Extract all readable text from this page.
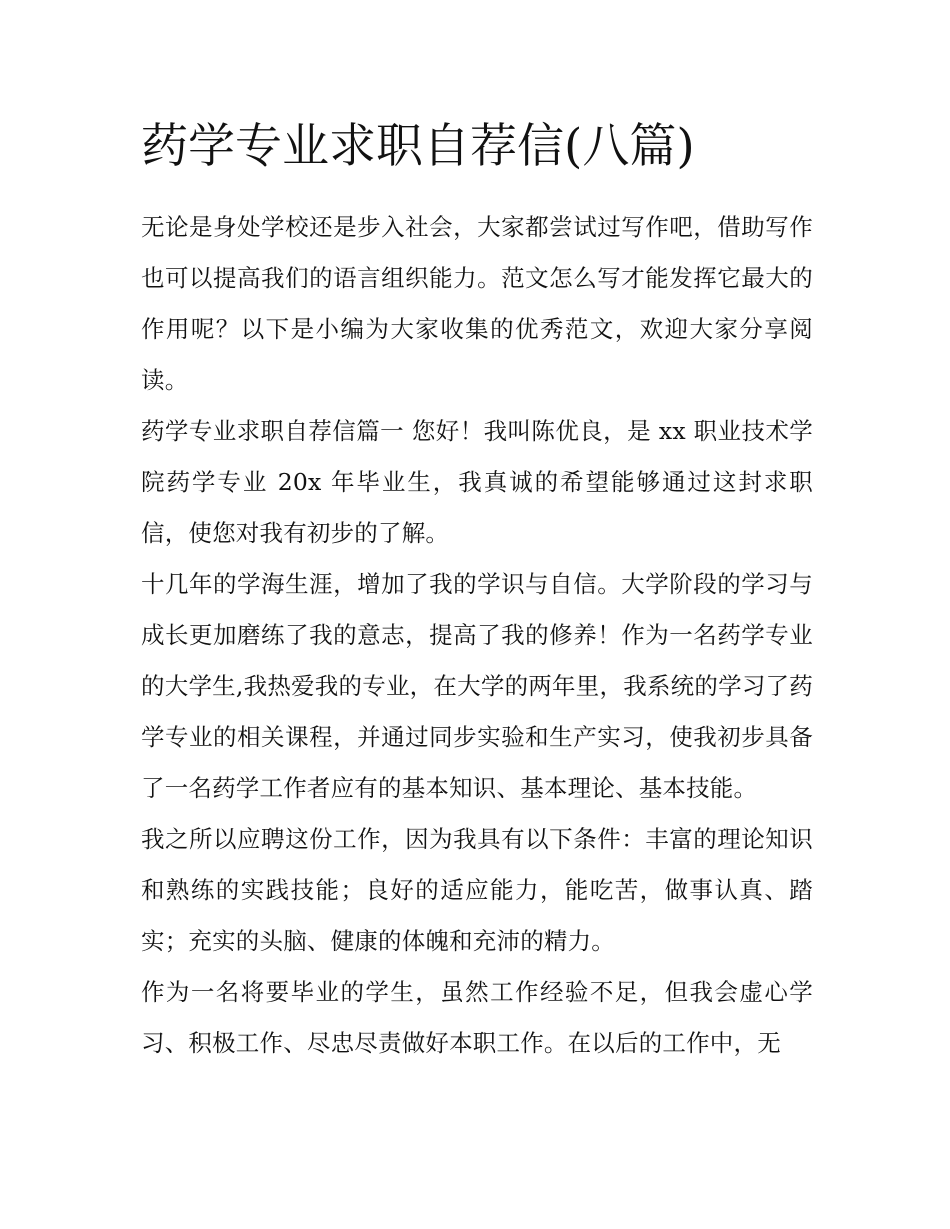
药学专业求职自荐信(八篇)

无论是身处学校还是步入社会，大家都尝试过写作吧，借助写作也可以提高我们的语言组织能力。范文怎么写才能发挥它最大的作用呢？以下是小编为大家收集的优秀范文，欢迎大家分享阅读。

药学专业求职自荐信篇一 您好！我叫陈优良，是 xx 职业技术学院药学专业 20x 年毕业生，我真诚的希望能够通过这封求职信，使您对我有初步的了解。

十几年的学海生涯，增加了我的学识与自信。大学阶段的学习与成长更加磨练了我的意志，提高了我的修养！作为一名药学专业的大学生,我热爱我的专业，在大学的两年里，我系统的学习了药学专业的相关课程，并通过同步实验和生产实习，使我初步具备了一名药学工作者应有的基本知识、基本理论、基本技能。

我之所以应聘这份工作，因为我具有以下条件：丰富的理论知识和熟练的实践技能；良好的适应能力，能吃苦，做事认真、踏实；充实的头脑、健康的体魄和充沛的精力。

作为一名将要毕业的学生，虽然工作经验不足，但我会虚心学习、积极工作、尽忠尽责做好本职工作。在以后的工作中，无
